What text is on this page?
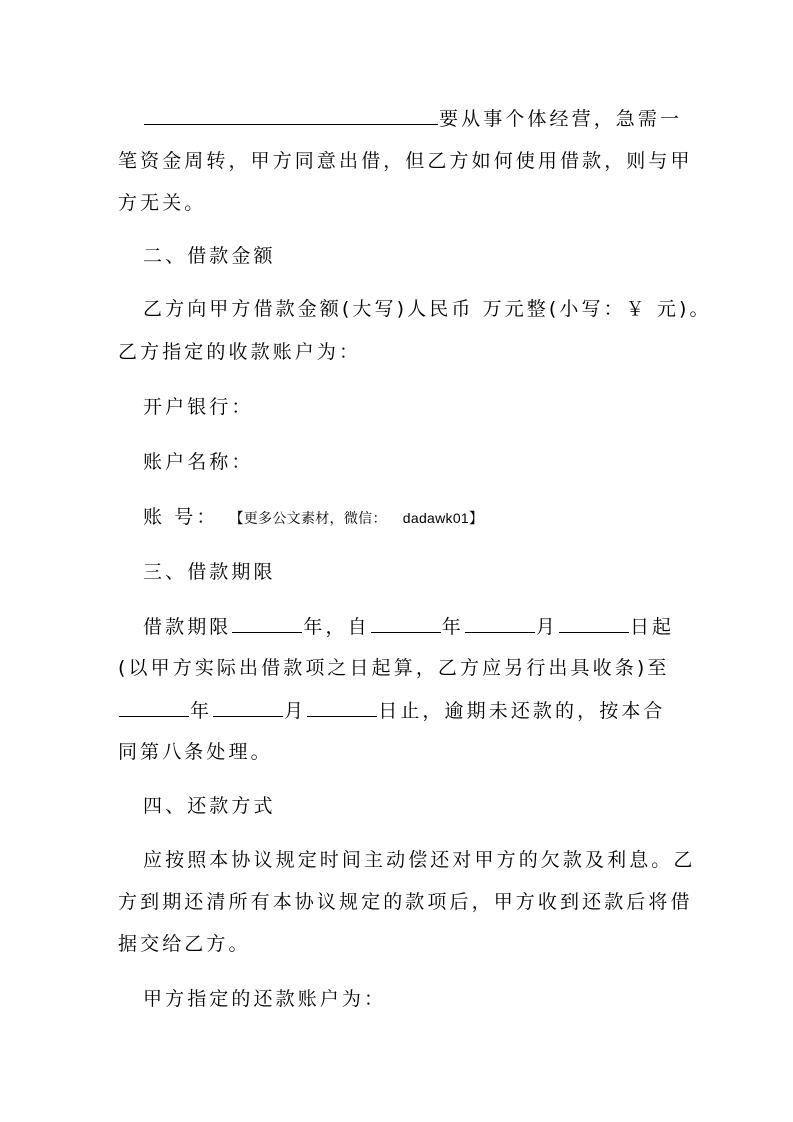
要从事个体经营，急需一
笔资金周转，甲方同意出借，但乙方如何使用借款，则与甲
方无关。
二、借款金额
乙方向甲方借款金额(大写)人民币 万元整(小写：￥ 元)。
乙方指定的收款账户为：
开户银行：
账户名称：
账 号： 【更多公文素材，微信： dadawk01】
三、借款期限
借款期限	年，自	年	月	日起
(以甲方实际出借款项之日起算，乙方应另行出具收条)至
年	月	日止，逾期未还款的，按本合
同第八条处理。
四、还款方式
应按照本协议规定时间主动偿还对甲方的欠款及利息。乙
方到期还清所有本协议规定的款项后，甲方收到还款后将借
据交给乙方。
甲方指定的还款账户为：
